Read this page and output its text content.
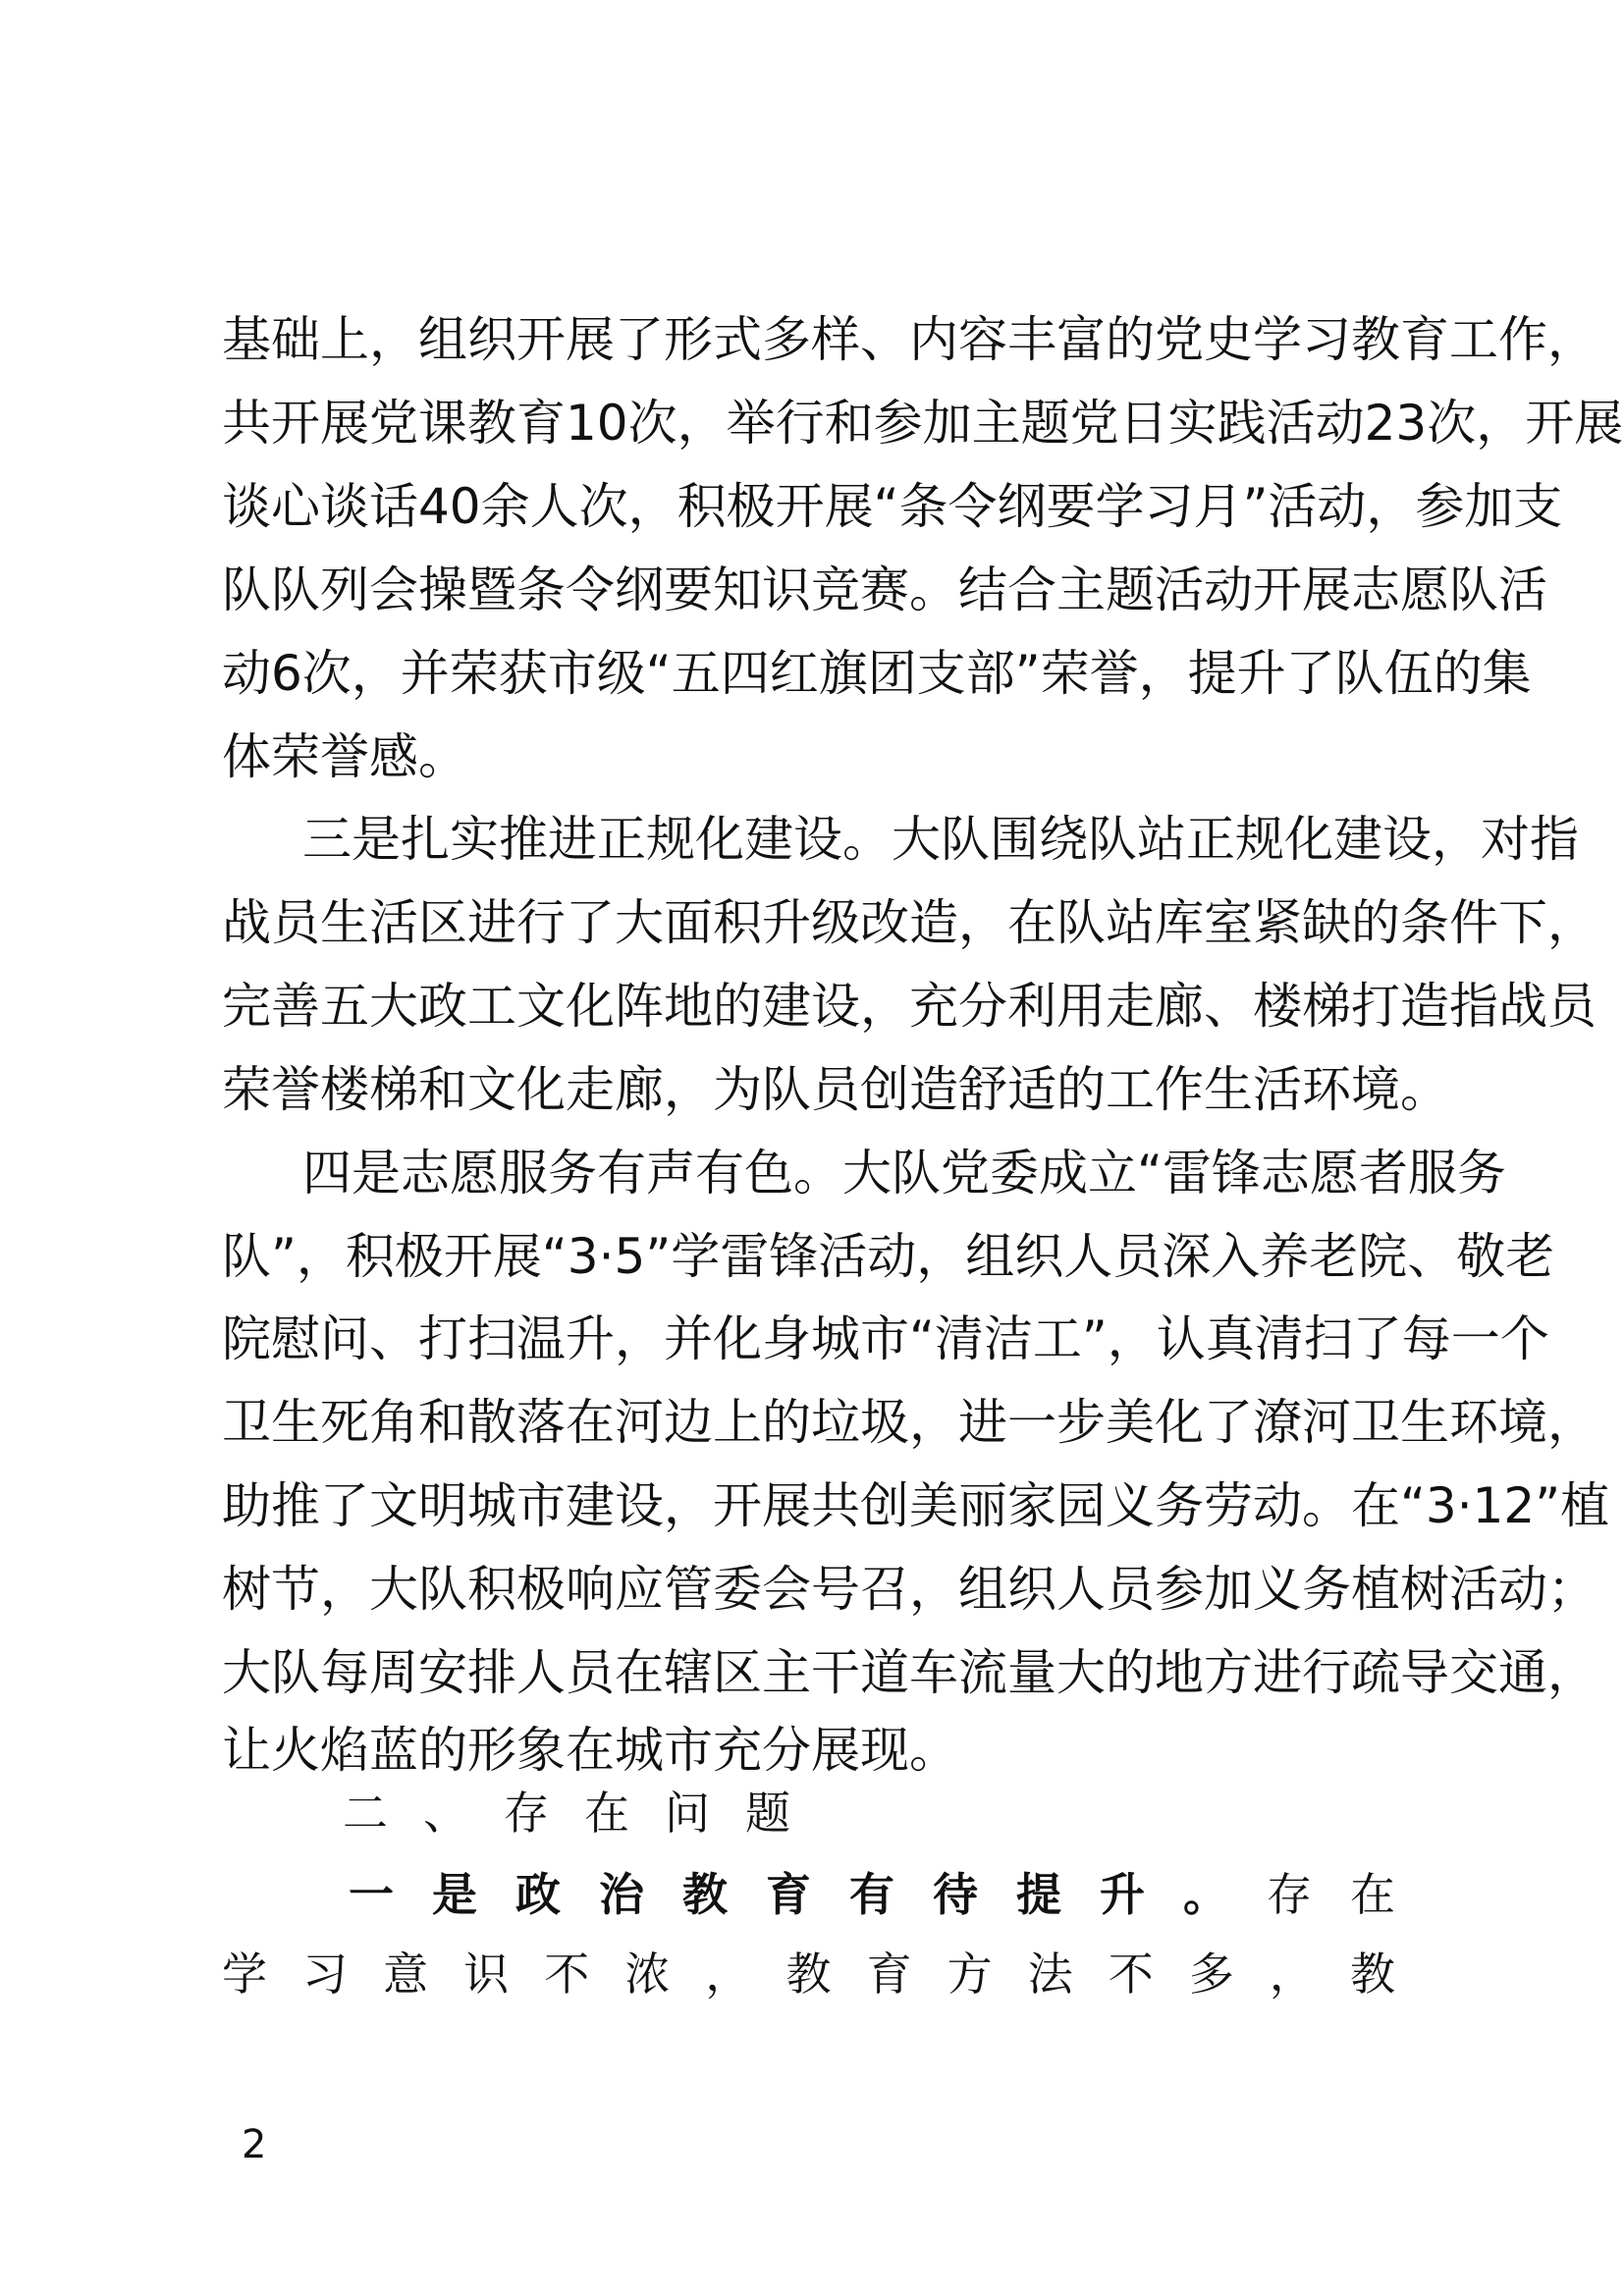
基础上，组织开展了形式多样、内容丰富的党史学习教育工作，
共开展党课教育10次，举行和参加主题党日实践活动23次，开展
谈心谈话40余人次，积极开展“条令纲要学习月”活动，参加支
队队列会操暨条令纲要知识竞赛。结合主题活动开展志愿队活
动6次，并荣获市级“五四红旗团支部”荣誉，提升了队伍的集
体荣誉感。
三是扎实推进正规化建设。大队围绕队站正规化建设，对指
战员生活区进行了大面积升级改造，在队站库室紧缺的条件下，
完善五大政工文化阵地的建设，充分利用走廊、楼梯打造指战员
荣誉楼梯和文化走廊，为队员创造舒适的工作生活环境。
四是志愿服务有声有色。大队党委成立“雷锋志愿者服务
队”，积极开展“3·5”学雷锋活动，组织人员深入养老院、敬老
院慰问、打扫温升，并化身城市“清洁工”，认真清扫了每一个
卫生死角和散落在河边上的垃圾，进一步美化了潦河卫生环境，
助推了文明城市建设，开展共创美丽家园义务劳动。在“3·12”植
树节，大队积极响应管委会号召，组织人员参加义务植树活动；
大队每周安排人员在辖区主干道车流量大的地方进行疏导交通，
让火焰蓝的形象在城市充分展现。
二、存在问题
一 是 政 治 教 育 有 待 提 升 。 存 在
学习意识不浓，教育方法不多，教
2
